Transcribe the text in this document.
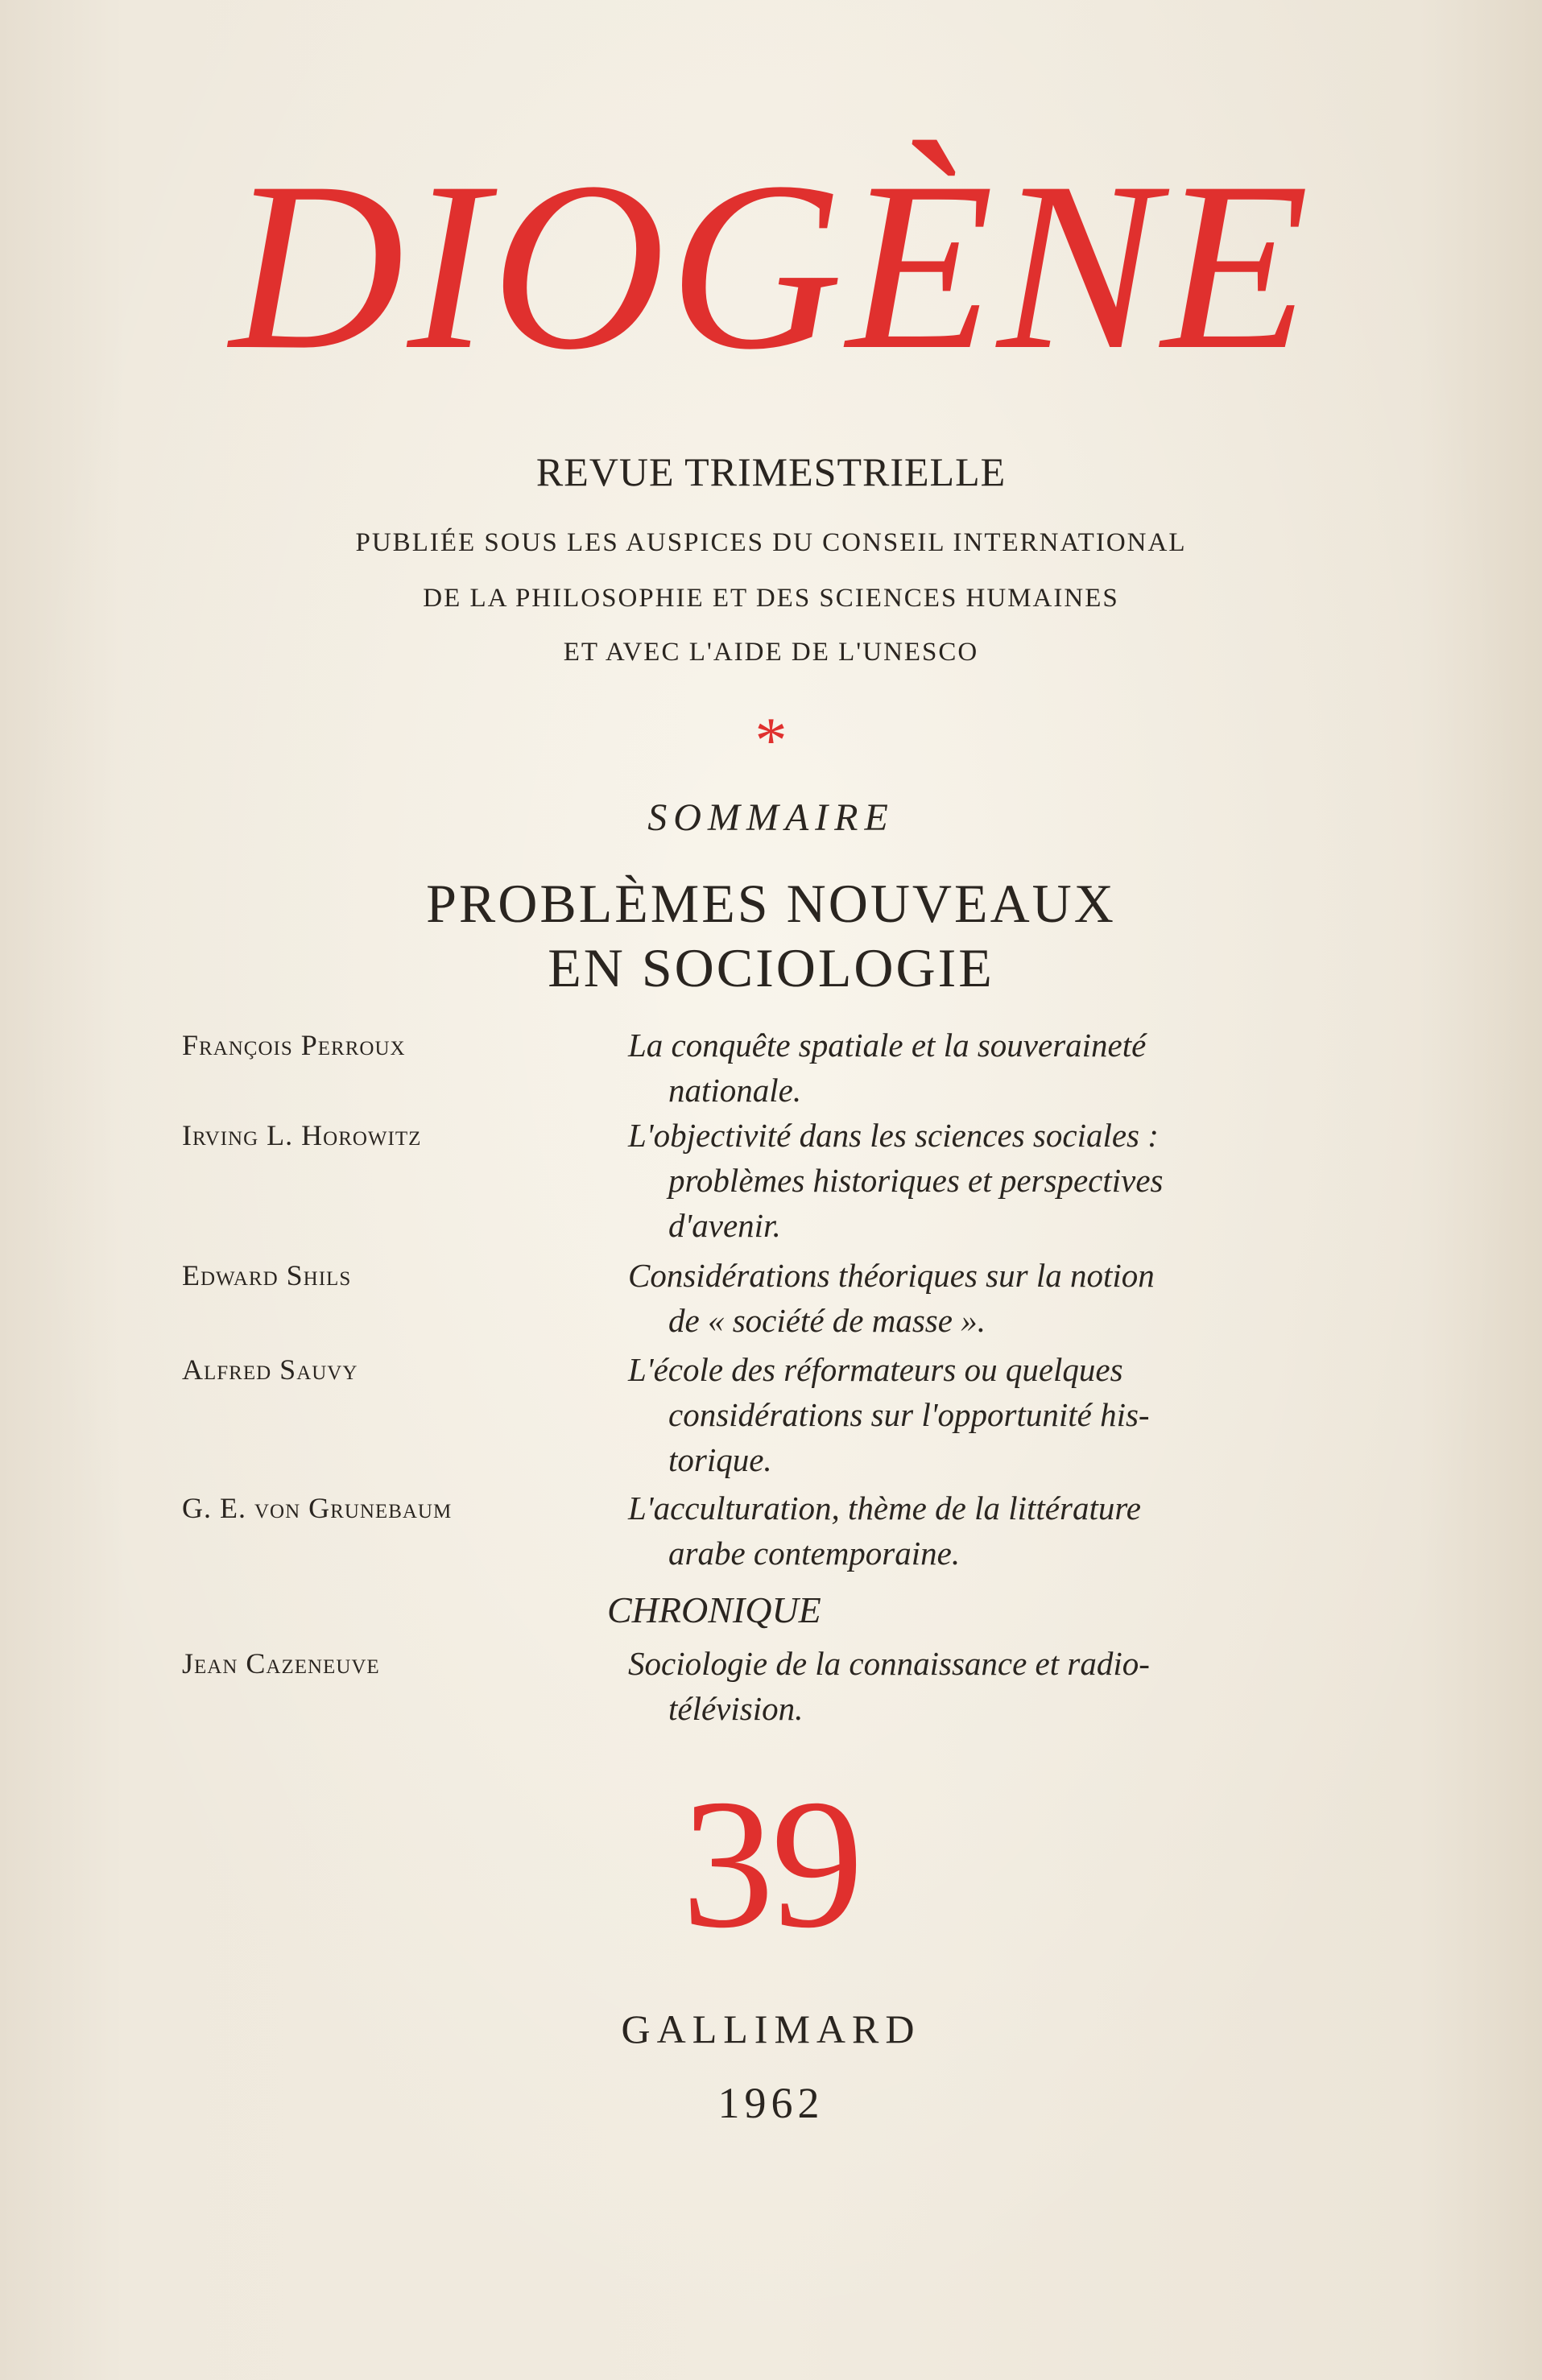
DIOGÈNE
REVUE TRIMESTRIELLE
PUBLIÉE SOUS LES AUSPICES DU CONSEIL INTERNATIONAL
DE LA PHILOSOPHIE ET DES SCIENCES HUMAINES
ET AVEC L'AIDE DE L'UNESCO
*
SOMMAIRE
PROBLÈMES NOUVEAUX
EN SOCIOLOGIE
François Perroux	La conquête spatiale et la souveraineté
nationale.
Irving L. Horowitz	L'objectivité dans les sciences sociales :
problèmes historiques et perspectives
d'avenir.
Edward Shils	Considérations théoriques sur la notion
de « société de masse ».
Alfred Sauvy	L'école des réformateurs ou quelques
considérations sur l'opportunité his-
torique.
G. E. von Grunebaum	L'acculturation, thème de la littérature
arabe contemporaine.
CHRONIQUE
Jean Cazeneuve	Sociologie de la connaissance et radio-
télévision.
39
GALLIMARD
1962
